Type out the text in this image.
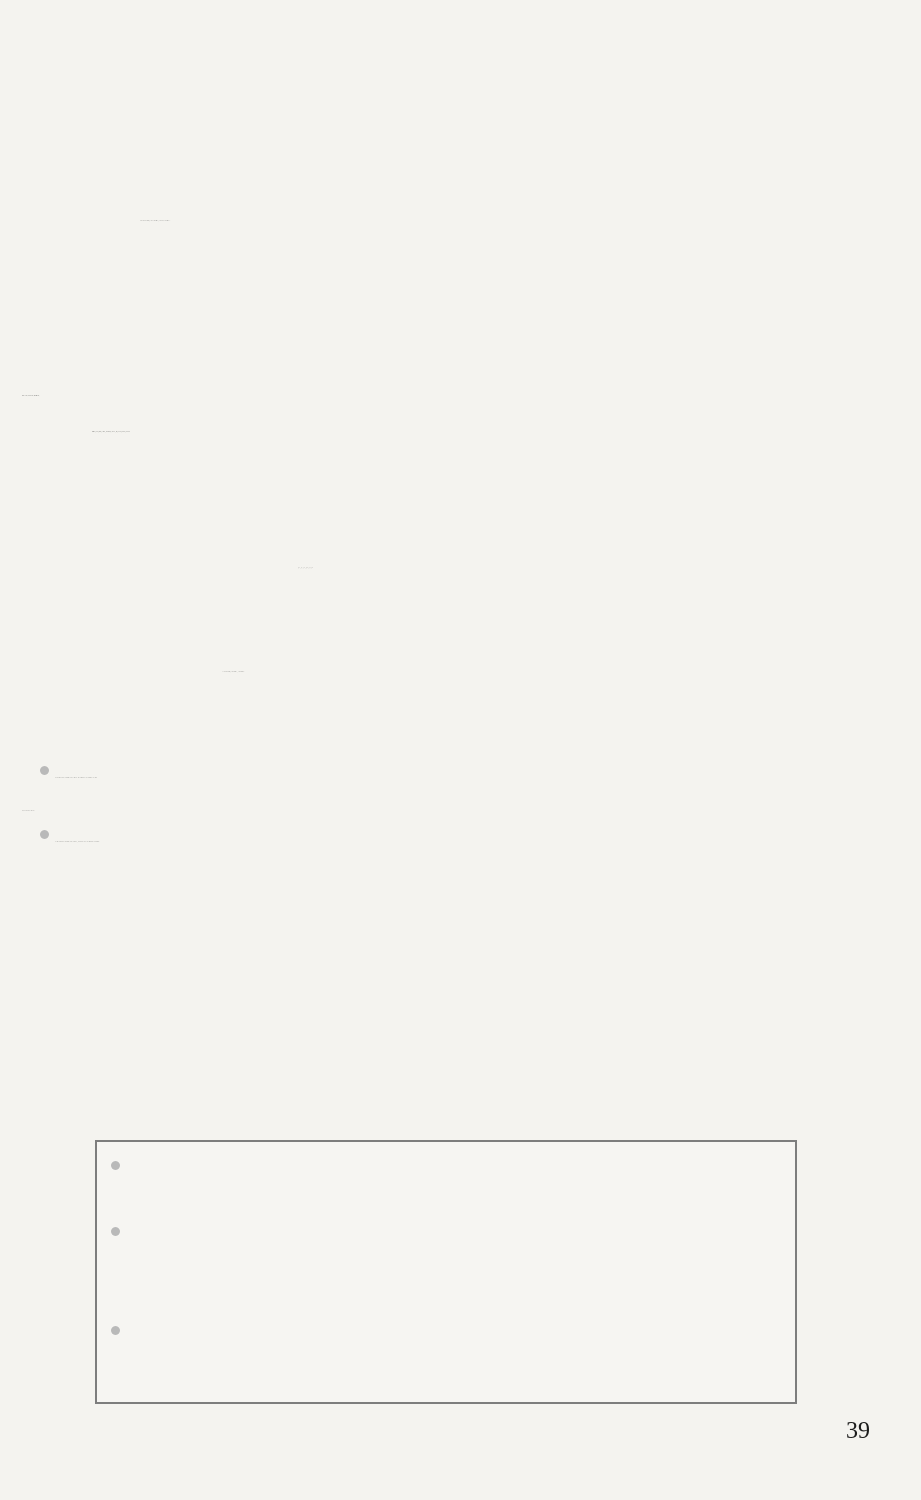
«μία ἑκατοντάδα, τρεῖς δεκάδες, τέσσερις μονάδες».
ἀπό τούς φυσικούς ἀριθμούς
μηδέν, ἕνα, δύο, τρία, τέσσερα, πέντε, ἔξι, ἑπτά, ὀκτώ, ἐννέα.
0, 1, 2, 3, 4, 5, 6, 7, 8, 9
«1 ἑκατοντάδα, 3 δεκάδες, 4 μονάδες».
Ἀριστερά ἀπό τίς μονάδες μιᾶς τάξεως νά γράφουμε τίς μονάδες τῆς ἀμέ-
σως ἀνώτερης τάξεως.
Ἄν δέν ὑπάρχουν μονάδες μιᾶς τάξεως, στή θέση τους νά γράφουμε τό μηδέν.
39
